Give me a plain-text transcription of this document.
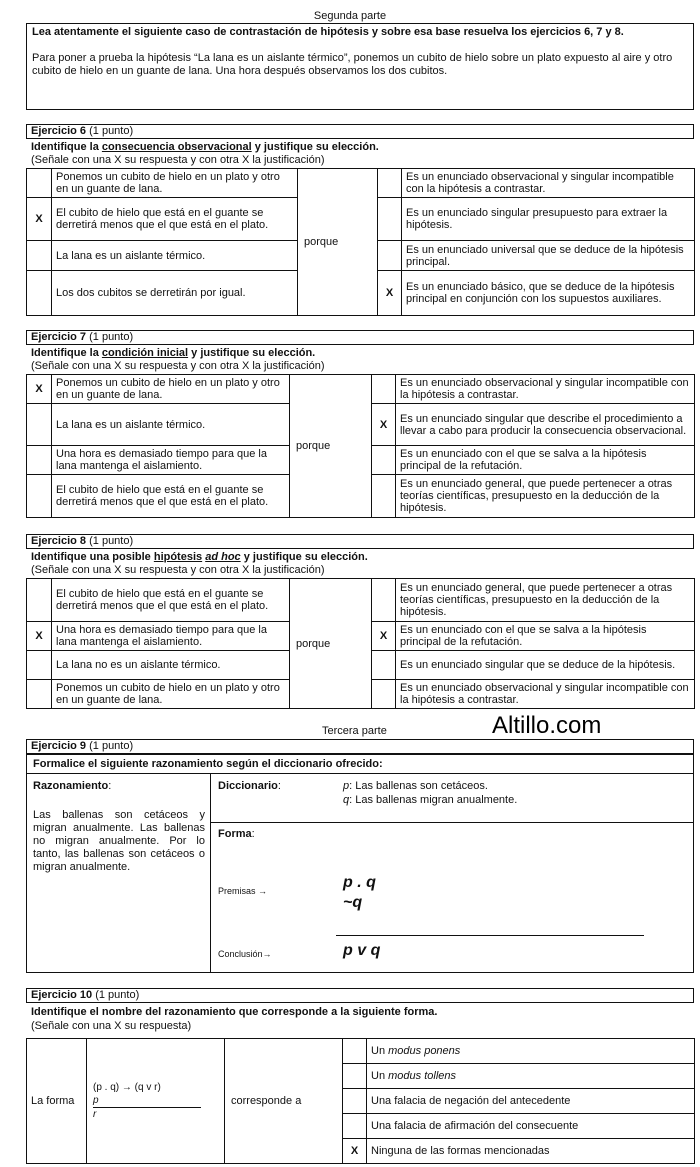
Segunda parte
Lea atentamente el siguiente caso de contrastación de hipótesis y sobre esa base resuelva los ejercicios 6, 7 y 8.
Para poner a prueba la hipótesis “La lana es un aislante térmico”, ponemos un cubito de hielo sobre un plato expuesto al aire y otro cubito de hielo en un guante de lana. Una hora después observamos los dos cubitos.
Ejercicio 6 (1 punto)
Identifique la consecuencia observacional y justifique su elección.
(Señale con una X su respuesta y con otra X la justificación)
	Ponemos un cubito de hielo en un plato y otro en un guante de lana.	porque		Es un enunciado observacional y singular incompatible con la hipótesis a contrastar.
X	El cubito de hielo que está en el guante se derretirá menos que el que está en el plato.			Es un enunciado singular presupuesto para extraer la hipótesis.
	La lana es un aislante térmico.			Es un enunciado universal que se deduce de la hipótesis principal.
	Los dos cubitos se derretirán por igual.		X	Es un enunciado básico, que se deduce de la hipótesis principal en conjunción con los supuestos auxiliares.
Ejercicio 7 (1 punto)
Identifique la condición inicial y justifique su elección.
(Señale con una X su respuesta y con otra X la justificación)
X	Ponemos un cubito de hielo en un plato y otro en un guante de lana.	porque		Es un enunciado observacional y singular incompatible con la hipótesis a contrastar.
	La lana es un aislante térmico.		X	Es un enunciado singular que describe el procedimiento a llevar a cabo para producir la consecuencia observacional.
	Una hora es demasiado tiempo para que la lana mantenga el aislamiento.			Es un enunciado con el que se salva a la hipótesis principal de la refutación.
	El cubito de hielo que está en el guante se derretirá menos que el que está en el plato.			Es un enunciado general, que puede pertenecer a otras teorías científicas, presupuesto en la deducción de la hipótesis.
Ejercicio 8 (1 punto)
Identifique una posible hipótesis ad hoc y justifique su elección.
(Señale con una X su respuesta y con otra X la justificación)
	El cubito de hielo que está en el guante se derretirá menos que el que está en el plato.	porque		Es un enunciado general, que puede pertenecer a otras teorías científicas, presupuesto en la deducción de la hipótesis.
X	Una hora es demasiado tiempo para que la lana mantenga el aislamiento.		X	Es un enunciado con el que se salva a la hipótesis principal de la refutación.
	La lana no es un aislante térmico.			Es un enunciado singular que se deduce de la hipótesis.
	Ponemos un cubito de hielo en un plato y otro en un guante de lana.			Es un enunciado observacional y singular incompatible con la hipótesis a contrastar.
Tercera parte	Altillo.com
Ejercicio 9 (1 punto)
Formalice el siguiente razonamiento según el diccionario ofrecido:
Razonamiento:
Las ballenas son cetáceos y migran anualmente. Las ballenas no migran anualmente. Por lo tanto, las ballenas son cetáceos o migran anualmente.
Diccionario:	p: Las ballenas son cetáceos.
q: Las ballenas migran anualmente.
Forma:
Premisas →	p . q
~q
Conclusión→	p v q
Ejercicio 10 (1 punto)
Identifique el nombre del razonamiento que corresponde a la siguiente forma.
(Señale con una X su respuesta)
La forma	(p . q) → (q v r)
p
r	corresponde a		Un modus ponens
				Un modus tollens
				Una falacia de negación del antecedente
				Una falacia de afirmación del consecuente
			X	Ninguna de las formas mencionadas
